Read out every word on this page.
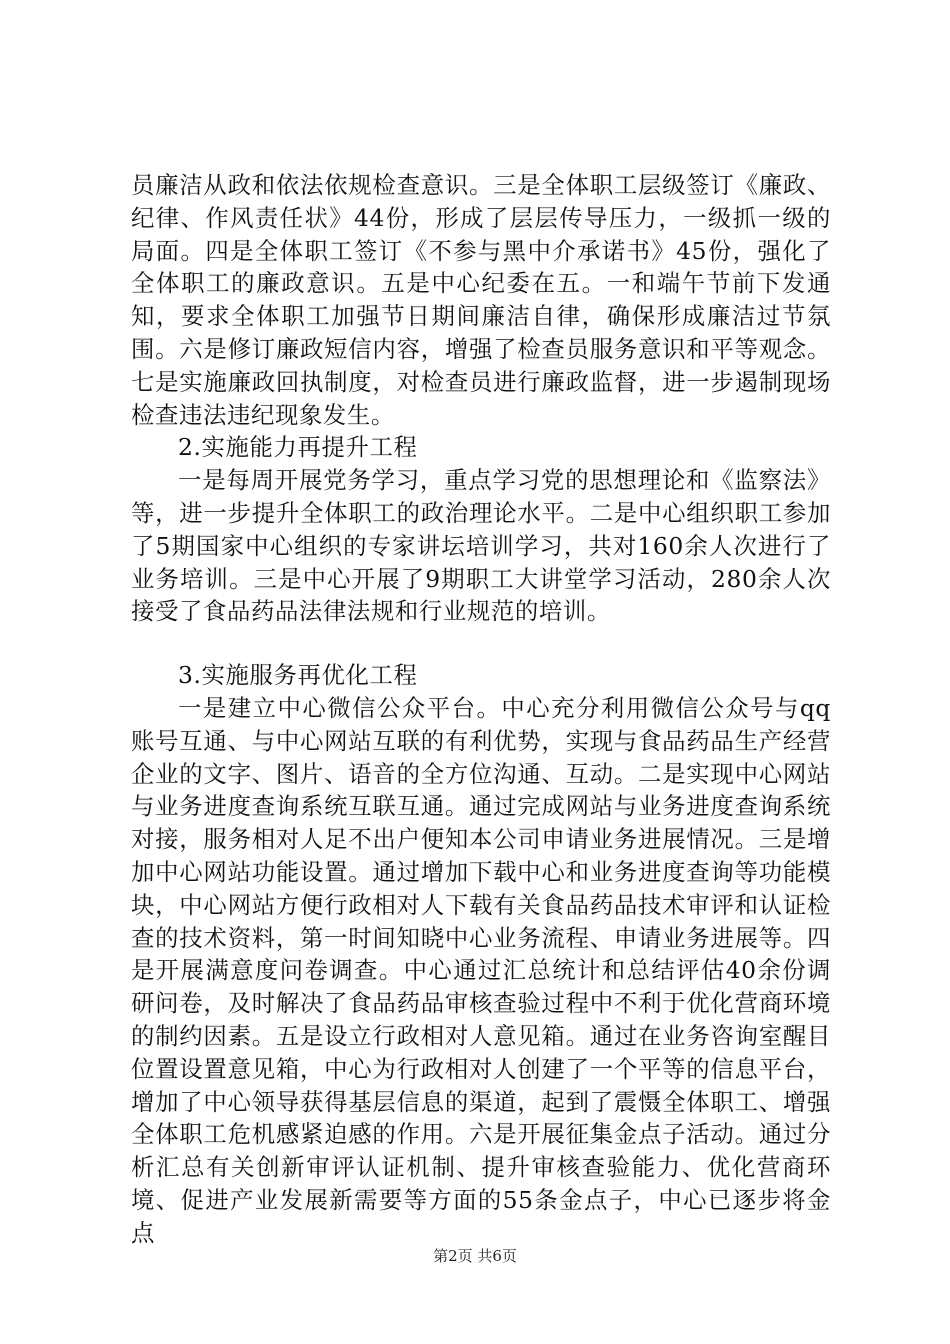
员廉洁从政和依法依规检查意识。三是全体职工层级签订《廉政、纪律、作风责任状》44份，形成了层层传导压力，一级抓一级的局面。四是全体职工签订《不参与黑中介承诺书》45份，强化了全体职工的廉政意识。五是中心纪委在五。一和端午节前下发通知，要求全体职工加强节日期间廉洁自律，确保形成廉洁过节氛围。六是修订廉政短信内容，增强了检查员服务意识和平等观念。七是实施廉政回执制度，对检查员进行廉政监督，进一步遏制现场检查违法违纪现象发生。

2.实施能力再提升工程

一是每周开展党务学习，重点学习党的思想理论和《监察法》等，进一步提升全体职工的政治理论水平。二是中心组织职工参加了5期国家中心组织的专家讲坛培训学习，共对160余人次进行了业务培训。三是中心开展了9期职工大讲堂学习活动，280余人次接受了食品药品法律法规和行业规范的培训。

3.实施服务再优化工程

一是建立中心微信公众平台。中心充分利用微信公众号与qq账号互通、与中心网站互联的有利优势，实现与食品药品生产经营企业的文字、图片、语音的全方位沟通、互动。二是实现中心网站与业务进度查询系统互联互通。通过完成网站与业务进度查询系统对接，服务相对人足不出户便知本公司申请业务进展情况。三是增加中心网站功能设置。通过增加下载中心和业务进度查询等功能模块，中心网站方便行政相对人下载有关食品药品技术审评和认证检查的技术资料，第一时间知晓中心业务流程、申请业务进展等。四是开展满意度问卷调查。中心通过汇总统计和总结评估40余份调研问卷，及时解决了食品药品审核查验过程中不利于优化营商环境的制约因素。五是设立行政相对人意见箱。通过在业务咨询室醒目位置设置意见箱，中心为行政相对人创建了一个平等的信息平台，增加了中心领导获得基层信息的渠道，起到了震慑全体职工、增强全体职工危机感紧迫感的作用。六是开展征集金点子活动。通过分析汇总有关创新审评认证机制、提升审核查验能力、优化营商环境、促进产业发展新需要等方面的55条金点子，中心已逐步将金点

第2页 共6页
